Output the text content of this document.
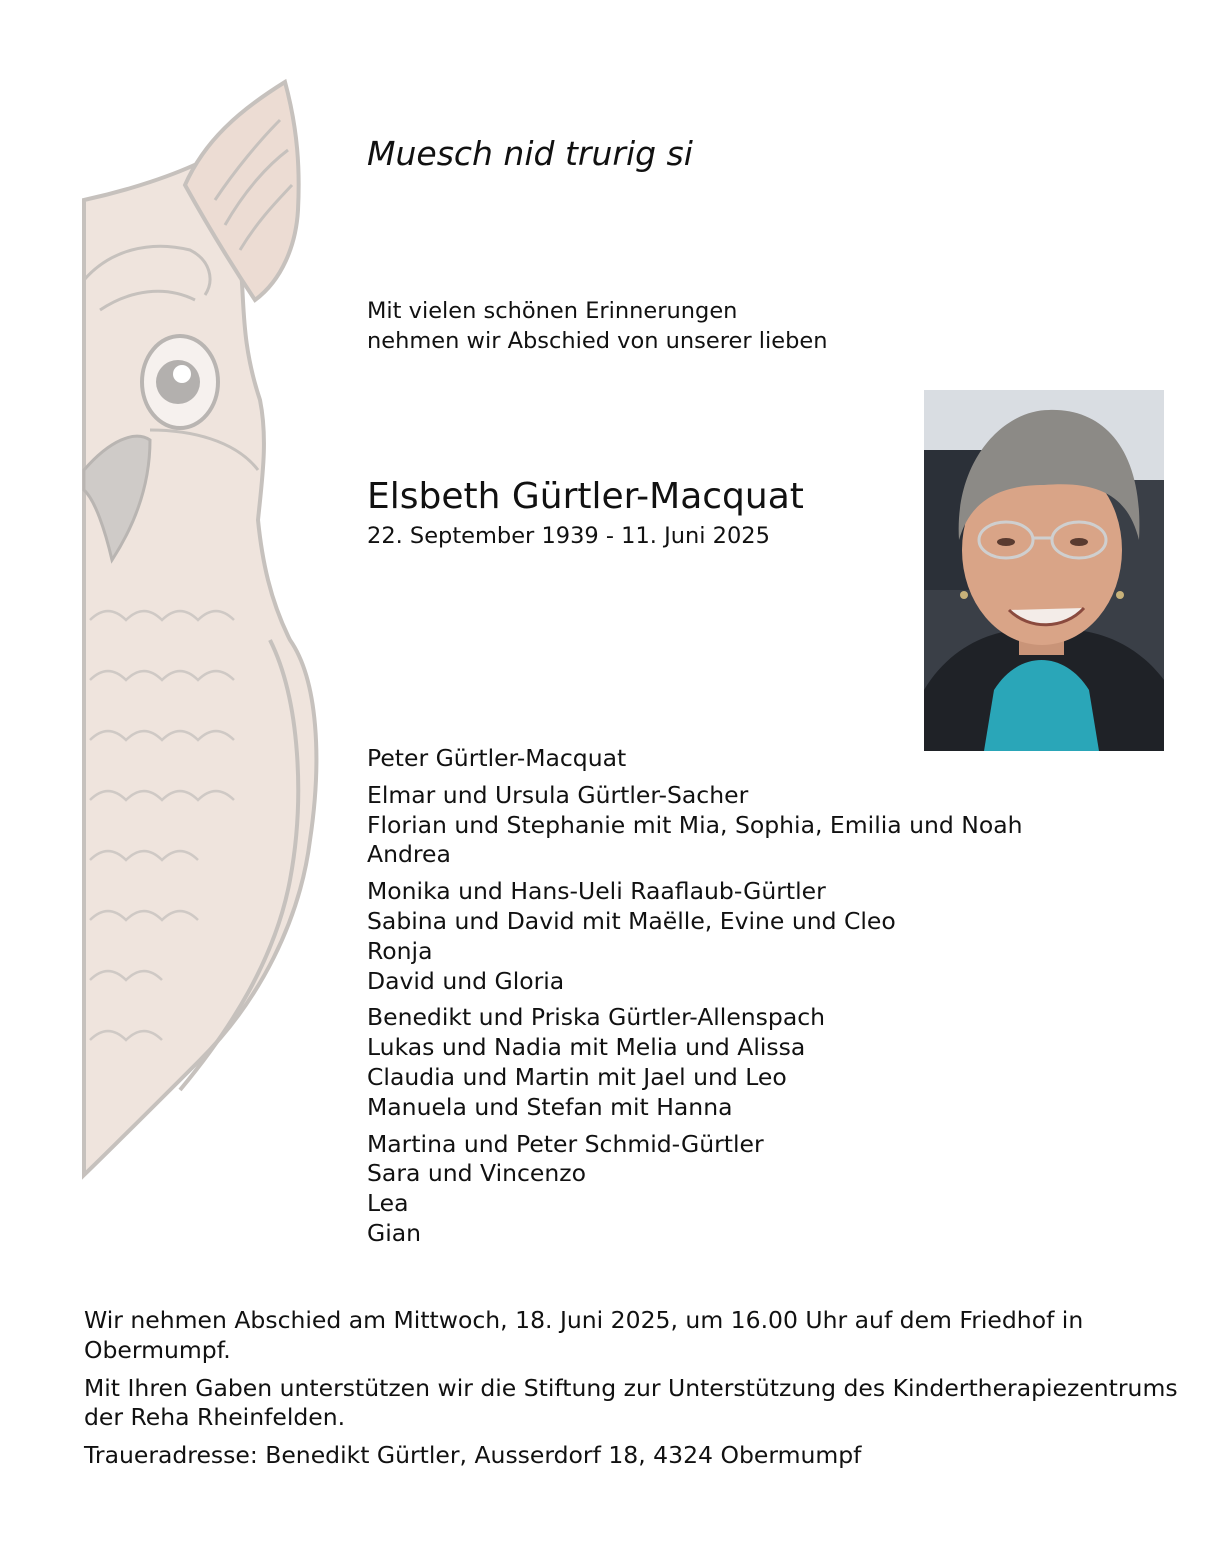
Muesch nid trurig si
Mit vielen schönen Erinnerungen
nehmen wir Abschied von unserer lieben
Elsbeth Gürtler-Macquat
22. September 1939 - 11. Juni 2025
Peter Gürtler-Macquat
Elmar und Ursula Gürtler-Sacher
Florian und Stephanie mit Mia, Sophia, Emilia und Noah
Andrea
Monika und Hans-Ueli Raaflaub-Gürtler
Sabina und David mit Maëlle, Evine und Cleo
Ronja
David und Gloria
Benedikt und Priska Gürtler-Allenspach
Lukas und Nadia mit Melia und Alissa
Claudia und Martin mit Jael und Leo
Manuela und Stefan mit Hanna
Martina und Peter Schmid-Gürtler
Sara und Vincenzo
Lea
Gian

Wir nehmen Abschied am Mittwoch, 18. Juni 2025, um 16.00 Uhr auf dem Friedhof in Obermumpf.

Mit Ihren Gaben unterstützen wir die Stiftung zur Unterstützung des Kindertherapiezentrums der Reha Rheinfelden.

Traueradresse: Benedikt Gürtler, Ausserdorf 18, 4324 Obermumpf
